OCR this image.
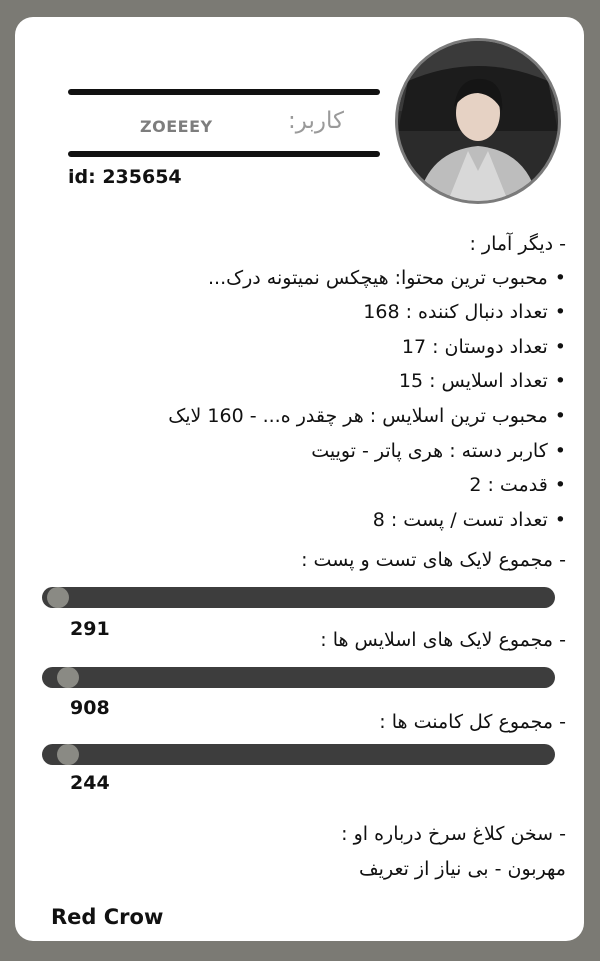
کاربر:
ZOEEEY
id: 235654
- دیگر آمار :
• محبوب ترین محتوا: هیچکس نمیتونه درک...
• تعداد دنبال کننده : 168
• تعداد دوستان : 17
• تعداد اسلایس : 15
• محبوب ترین اسلایس : هر چقدر ه... - 160 لایک
• کاربر دسته : هری پاتر - توییت
• قدمت : 2
• تعداد تست / پست : 8
- مجموع لایک های تست و پست :
291
-	مجموع لایک های اسلایس ها :
908
- مجموع کل کامنت ها :
244
- سخن کلاغ سرخ درباره او :
مهربون - بی نیاز از تعریف
Red Crow
